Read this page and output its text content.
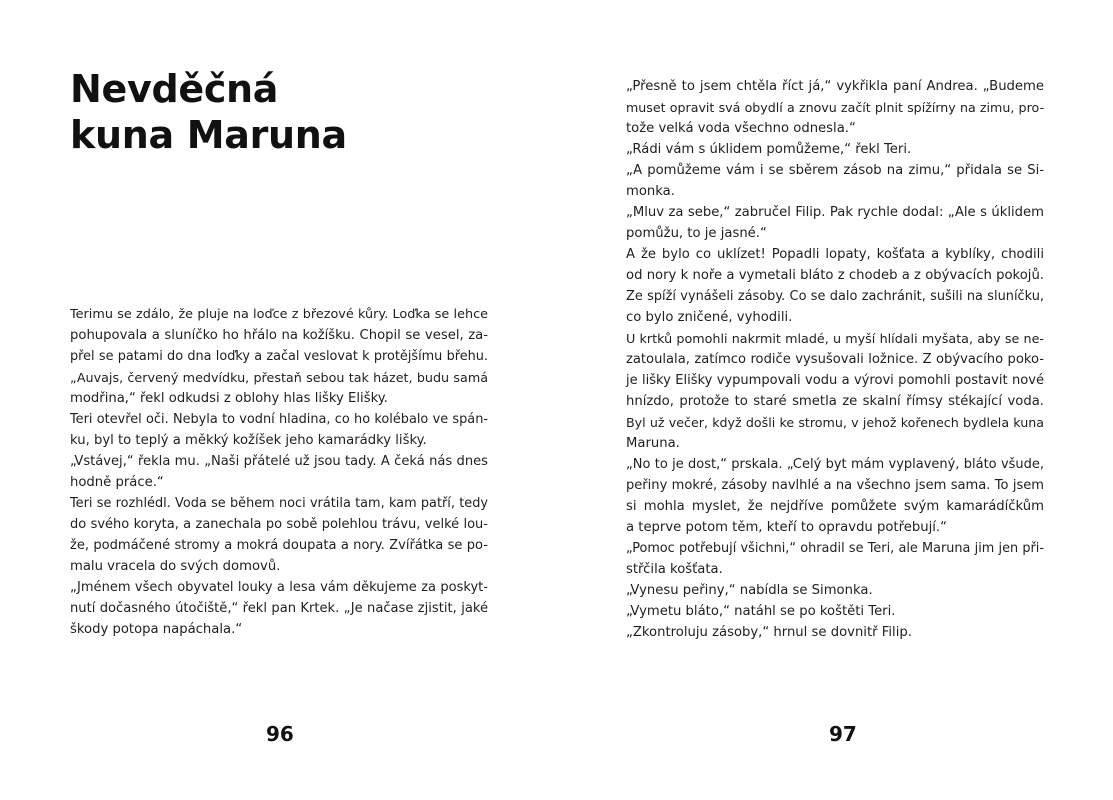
Nevděčná
kuna Maruna
Terimu se zdálo, že pluje na loďce z březové kůry. Loďka se lehce
pohupovala a sluníčko ho hřálo na kožíšku. Chopil se vesel, za-
přel se patami do dna loďky a začal veslovat k protějšímu břehu.
„Auvajs, červený medvídku, přestaň sebou tak házet, budu samá
modřina,“ řekl odkudsi z oblohy hlas lišky Elišky.
Teri otevřel oči. Nebyla to vodní hladina, co ho kolébalo ve spán-
ku, byl to teplý a měkký kožíšek jeho kamarádky lišky.
„Vstávej,“ řekla mu. „Naši přátelé už jsou tady. A čeká nás dnes
hodně práce.“
Teri se rozhlédl. Voda se během noci vrátila tam, kam patří, tedy
do svého koryta, a zanechala po sobě polehlou trávu, velké lou-
že, podmáčené stromy a mokrá doupata a nory. Zvířátka se po-
malu vracela do svých domovů.
„Jménem všech obyvatel louky a lesa vám děkujeme za poskyt-
nutí dočasného útočiště,“ řekl pan Krtek. „Je načase zjistit, jaké
škody potopa napáchala.“
96
„Přesně to jsem chtěla říct já,“ vykřikla paní Andrea. „Budeme
muset opravit svá obydlí a znovu začít plnit spížírny na zimu, pro-
tože velká voda všechno odnesla.“
„Rádi vám s úklidem pomůžeme,“ řekl Teri.
„A pomůžeme vám i se sběrem zásob na zimu,“ přidala se Si-
monka.
„Mluv za sebe,“ zabručel Filip. Pak rychle dodal: „Ale s úklidem
pomůžu, to je jasné.“
A že bylo co uklízet! Popadli lopaty, košťata a kyblíky, chodili
od nory k noře a vymetali bláto z chodeb a z obývacích pokojů.
Ze spíží vynášeli zásoby. Co se dalo zachránit, sušili na sluníčku,
co bylo zničené, vyhodili.
U krtků pomohli nakrmit mladé, u myší hlídali myšata, aby se ne-
zatoulala, zatímco rodiče vysušovali ložnice. Z obývacího poko-
je lišky Elišky vypumpovali vodu a výrovi pomohli postavit nové
hnízdo, protože to staré smetla ze skalní římsy stékající voda.
Byl už večer, když došli ke stromu, v jehož kořenech bydlela kuna
Maruna.
„No to je dost,“ prskala. „Celý byt mám vyplavený, bláto všude,
peřiny mokré, zásoby navlhlé a na všechno jsem sama. To jsem
si mohla myslet, že nejdříve pomůžete svým kamarádíčkům
a teprve potom těm, kteří to opravdu potřebují.“
„Pomoc potřebují všichni,“ ohradil se Teri, ale Maruna jim jen při-
střčila košťata.
„Vynesu peřiny,“ nabídla se Simonka.
„Vymetu bláto,“ natáhl se po koštěti Teri.
„Zkontroluju zásoby,“ hrnul se dovnitř Filip.
97
